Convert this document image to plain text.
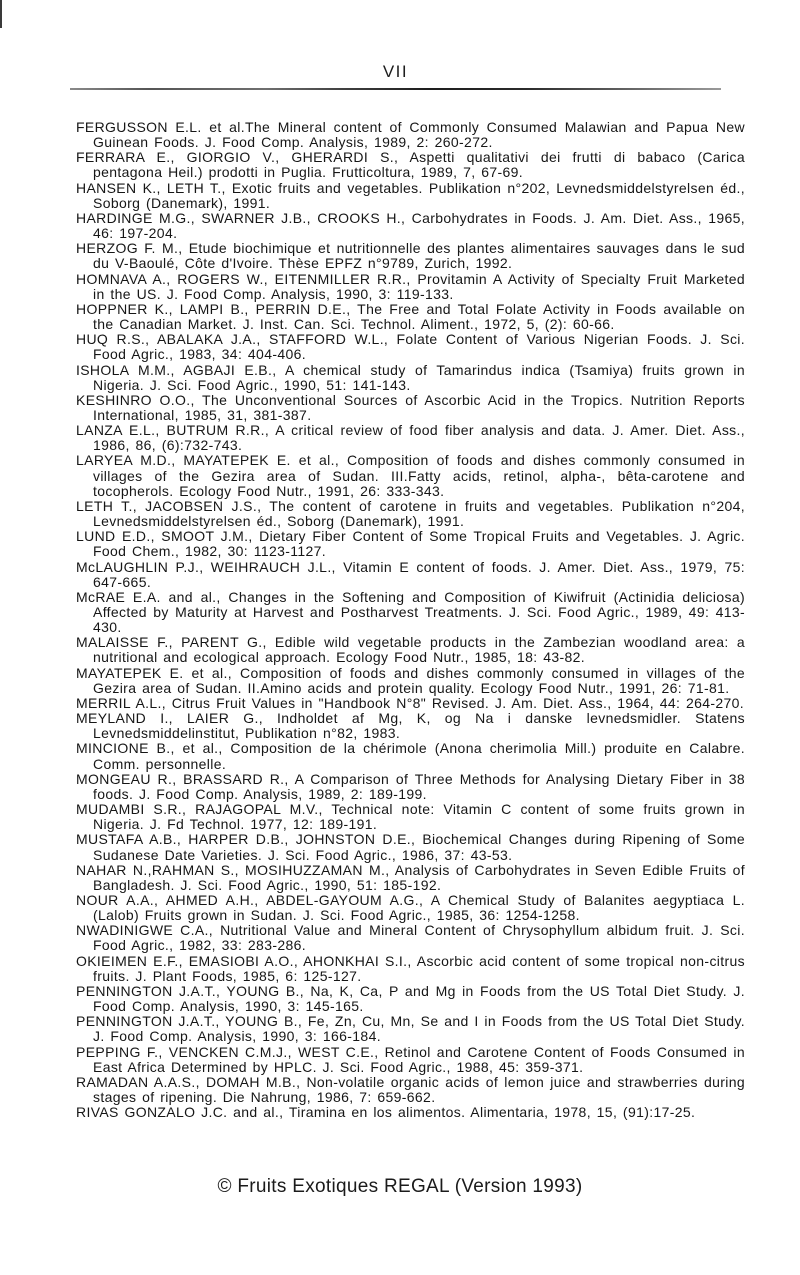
VII

FERGUSSON E.L. et al.The Mineral content of Commonly Consumed Malawian and Papua New Guinean Foods. J. Food Comp. Analysis, 1989, 2: 260-272.

FERRARA E., GIORGIO V., GHERARDI S., Aspetti qualitativi dei frutti di babaco (Carica pentagona Heil.) prodotti in Puglia. Frutticoltura, 1989, 7, 67-69.

HANSEN K., LETH T., Exotic fruits and vegetables. Publikation n°202, Levnedsmiddelstyrelsen éd., Soborg (Danemark), 1991.

HARDINGE M.G., SWARNER J.B., CROOKS H., Carbohydrates in Foods. J. Am. Diet. Ass., 1965, 46: 197-204.

HERZOG F. M., Etude biochimique et nutritionnelle des plantes alimentaires sauvages dans le sud du V-Baoulé, Côte d'Ivoire. Thèse EPFZ n°9789, Zurich, 1992.

HOMNAVA A., ROGERS W., EITENMILLER R.R., Provitamin A Activity of Specialty Fruit Marketed in the US. J. Food Comp. Analysis, 1990, 3: 119-133.

HOPPNER K., LAMPI B., PERRIN D.E., The Free and Total Folate Activity in Foods available on the Canadian Market. J. Inst. Can. Sci. Technol. Aliment., 1972, 5, (2): 60-66.

HUQ R.S., ABALAKA J.A., STAFFORD W.L., Folate Content of Various Nigerian Foods. J. Sci. Food Agric., 1983, 34: 404-406.

ISHOLA M.M., AGBAJI E.B., A chemical study of Tamarindus indica (Tsamiya) fruits grown in Nigeria. J. Sci. Food Agric., 1990, 51: 141-143.

KESHINRO O.O., The Unconventional Sources of Ascorbic Acid in the Tropics. Nutrition Reports International, 1985, 31, 381-387.

LANZA E.L., BUTRUM R.R., A critical review of food fiber analysis and data. J. Amer. Diet. Ass., 1986, 86, (6):732-743.

LARYEA M.D., MAYATEPEK E. et al., Composition of foods and dishes commonly consumed in villages of the Gezira area of Sudan. III.Fatty acids, retinol, alpha-, bêta-carotene and tocopherols. Ecology Food Nutr., 1991, 26: 333-343.

LETH T., JACOBSEN J.S., The content of carotene in fruits and vegetables. Publikation n°204, Levnedsmiddelstyrelsen éd., Soborg (Danemark), 1991.

LUND E.D., SMOOT J.M., Dietary Fiber Content of Some Tropical Fruits and Vegetables. J. Agric. Food Chem., 1982, 30: 1123-1127.

McLAUGHLIN P.J., WEIHRAUCH J.L., Vitamin E content of foods. J. Amer. Diet. Ass., 1979, 75: 647-665.

McRAE E.A. and al., Changes in the Softening and Composition of Kiwifruit (Actinidia deliciosa) Affected by Maturity at Harvest and Postharvest Treatments. J. Sci. Food Agric., 1989, 49: 413-430.

MALAISSE F., PARENT G., Edible wild vegetable products in the Zambezian woodland area: a nutritional and ecological approach. Ecology Food Nutr., 1985, 18: 43-82.

MAYATEPEK E. et al., Composition of foods and dishes commonly consumed in villages of the Gezira area of Sudan. II.Amino acids and protein quality. Ecology Food Nutr., 1991, 26: 71-81.

MERRIL A.L., Citrus Fruit Values in "Handbook N°8" Revised. J. Am. Diet. Ass., 1964, 44: 264-270.

MEYLAND I., LAIER G., Indholdet af Mg, K, og Na i danske levnedsmidler. Statens Levnedsmiddelinstitut, Publikation n°82, 1983.

MINCIONE B., et al., Composition de la chérimole (Anona cherimolia Mill.) produite en Calabre. Comm. personnelle.

MONGEAU R., BRASSARD R., A Comparison of Three Methods for Analysing Dietary Fiber in 38 foods. J. Food Comp. Analysis, 1989, 2: 189-199.

MUDAMBI S.R., RAJAGOPAL M.V., Technical note: Vitamin C content of some fruits grown in Nigeria. J. Fd Technol. 1977, 12: 189-191.

MUSTAFA A.B., HARPER D.B., JOHNSTON D.E., Biochemical Changes during Ripening of Some Sudanese Date Varieties. J. Sci. Food Agric., 1986, 37: 43-53.

NAHAR N.,RAHMAN S., MOSIHUZZAMAN M., Analysis of Carbohydrates in Seven Edible Fruits of Bangladesh. J. Sci. Food Agric., 1990, 51: 185-192.

NOUR A.A., AHMED A.H., ABDEL-GAYOUM A.G., A Chemical Study of Balanites aegyptiaca L. (Lalob) Fruits grown in Sudan. J. Sci. Food Agric., 1985, 36: 1254-1258.

NWADINIGWE C.A., Nutritional Value and Mineral Content of Chrysophyllum albidum fruit. J. Sci. Food Agric., 1982, 33: 283-286.

OKIEIMEN E.F., EMASIOBI A.O., AHONKHAI S.I., Ascorbic acid content of some tropical non-citrus fruits. J. Plant Foods, 1985, 6: 125-127.

PENNINGTON J.A.T., YOUNG B., Na, K, Ca, P and Mg in Foods from the US Total Diet Study. J. Food Comp. Analysis, 1990, 3: 145-165.

PENNINGTON J.A.T., YOUNG B., Fe, Zn, Cu, Mn, Se and I in Foods from the US Total Diet Study. J. Food Comp. Analysis, 1990, 3: 166-184.

PEPPING F., VENCKEN C.M.J., WEST C.E., Retinol and Carotene Content of Foods Consumed in East Africa Determined by HPLC. J. Sci. Food Agric., 1988, 45: 359-371.

RAMADAN A.A.S., DOMAH M.B., Non-volatile organic acids of lemon juice and strawberries during stages of ripening. Die Nahrung, 1986, 7: 659-662.

RIVAS GONZALO J.C. and al., Tiramina en los alimentos. Alimentaria, 1978, 15, (91):17-25.

© Fruits Exotiques REGAL (Version 1993)
